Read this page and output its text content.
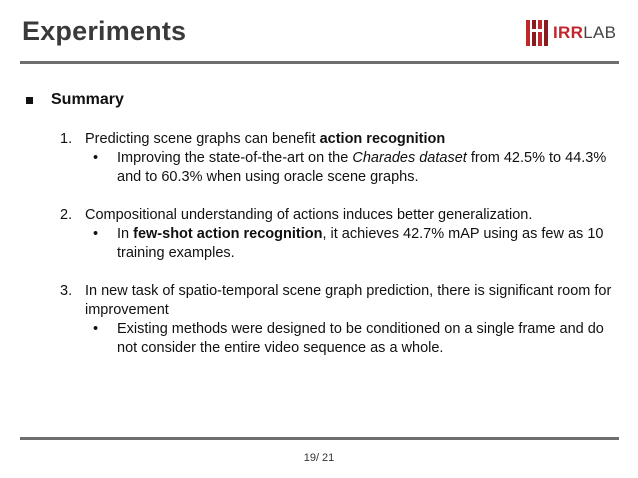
Experiments	IRRLAB
Summary
1. Predicting scene graphs can benefit action recognition
•	Improving the state-of-the-art on the Charades dataset from 42.5% to 44.3% and to 60.3% when using oracle scene graphs.
2. Compositional understanding of actions induces better generalization.
•	In few-shot action recognition, it achieves 42.7% mAP using as few as 10 training examples.
3. In new task of spatio-temporal scene graph prediction, there is significant room for improvement
•	Existing methods were designed to be conditioned on a single frame and do not consider the entire video sequence as a whole.
19/ 21
